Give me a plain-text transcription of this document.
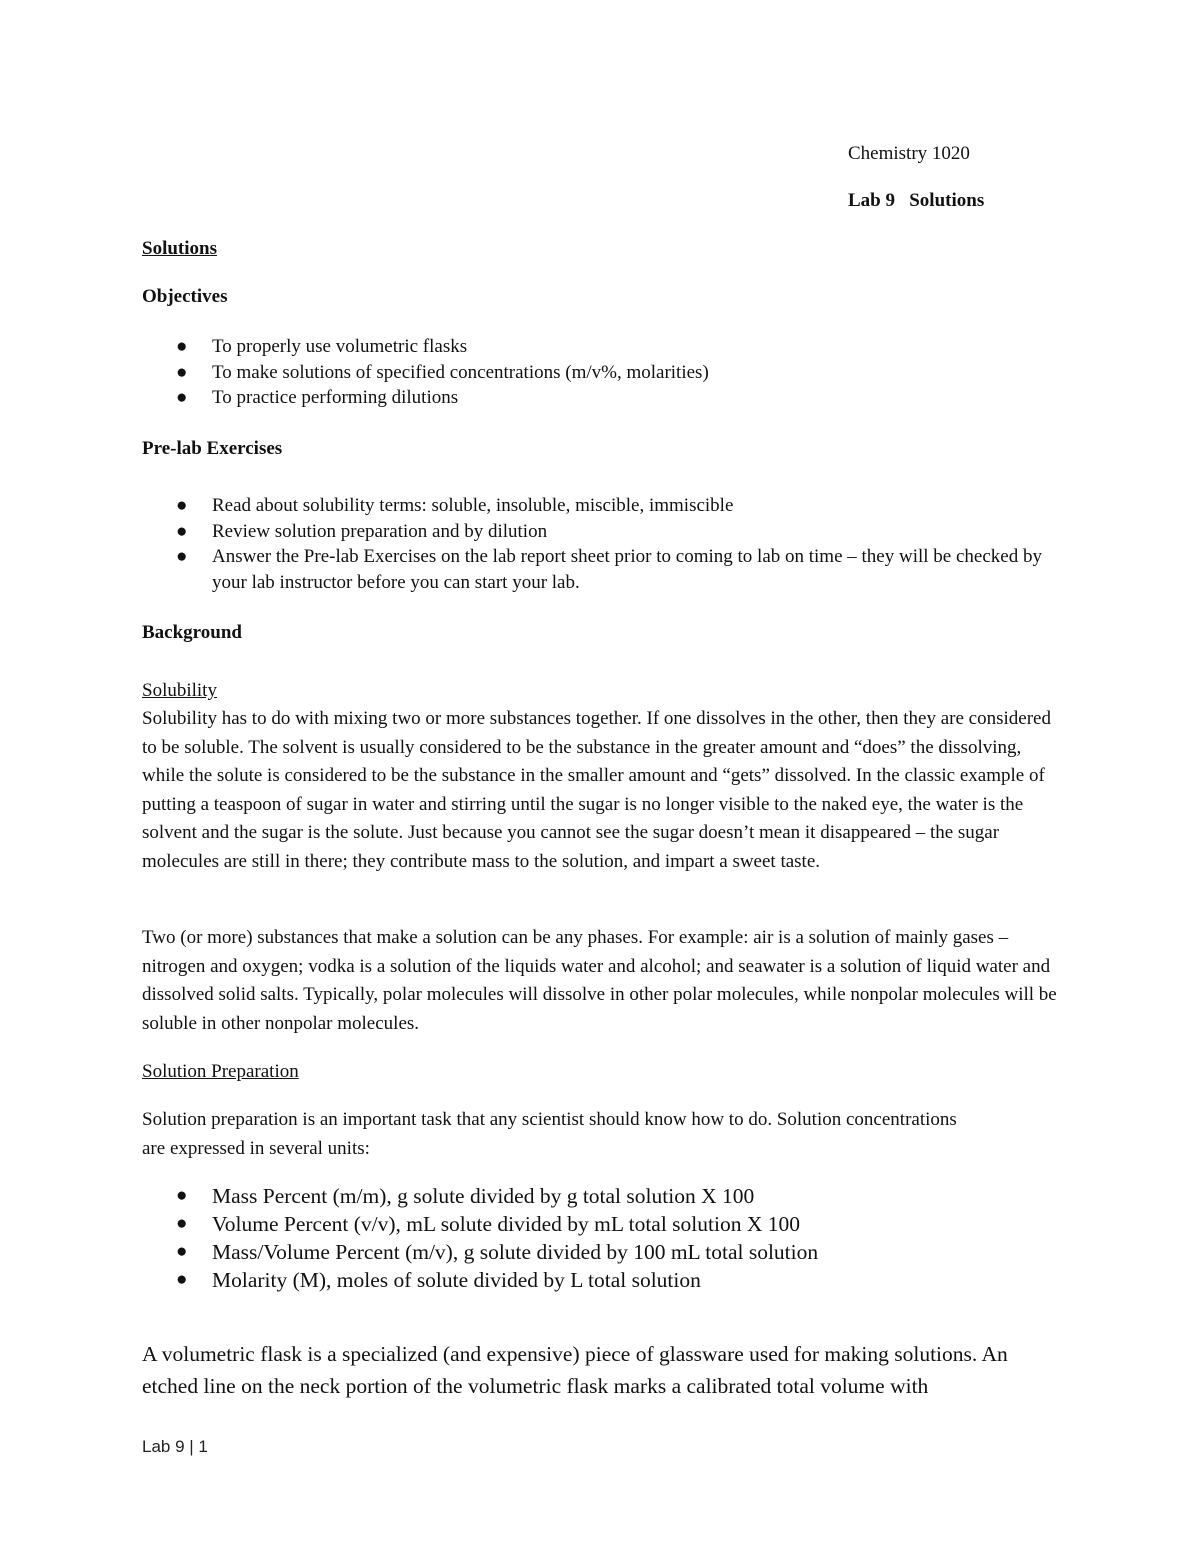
Chemistry 1020

Lab 9   Solutions

Solutions

Objectives

● To properly use volumetric flasks
● To make solutions of specified concentrations (m/v%, molarities)
● To practice performing dilutions

Pre-lab Exercises

● Read about solubility terms: soluble, insoluble, miscible, immiscible
● Review solution preparation and by dilution
● Answer the Pre-lab Exercises on the lab report sheet prior to coming to lab on time – they will be checked by your lab instructor before you can start your lab.

Background

Solubility

Solubility has to do with mixing two or more substances together. If one dissolves in the other, then they are considered to be soluble. The solvent is usually considered to be the substance in the greater amount and “does” the dissolving, while the solute is considered to be the substance in the smaller amount and “gets” dissolved. In the classic example of putting a teaspoon of sugar in water and stirring until the sugar is no longer visible to the naked eye, the water is the solvent and the sugar is the solute. Just because you cannot see the sugar doesn’t mean it disappeared – the sugar molecules are still in there; they contribute mass to the solution, and impart a sweet taste.

Two (or more) substances that make a solution can be any phases. For example: air is a solution of mainly gases – nitrogen and oxygen; vodka is a solution of the liquids water and alcohol; and seawater is a solution of liquid water and dissolved solid salts. Typically, polar molecules will dissolve in other polar molecules, while nonpolar molecules will be soluble in other nonpolar molecules.

Solution Preparation

Solution preparation is an important task that any scientist should know how to do. Solution concentrations are expressed in several units:

● Mass Percent (m/m), g solute divided by g total solution X 100
● Volume Percent (v/v), mL solute divided by mL total solution X 100
● Mass/Volume Percent (m/v), g solute divided by 100 mL total solution
● Molarity (M), moles of solute divided by L total solution

A volumetric flask is a specialized (and expensive) piece of glassware used for making solutions. An etched line on the neck portion of the volumetric flask marks a calibrated total volume with

Lab 9 | 1
